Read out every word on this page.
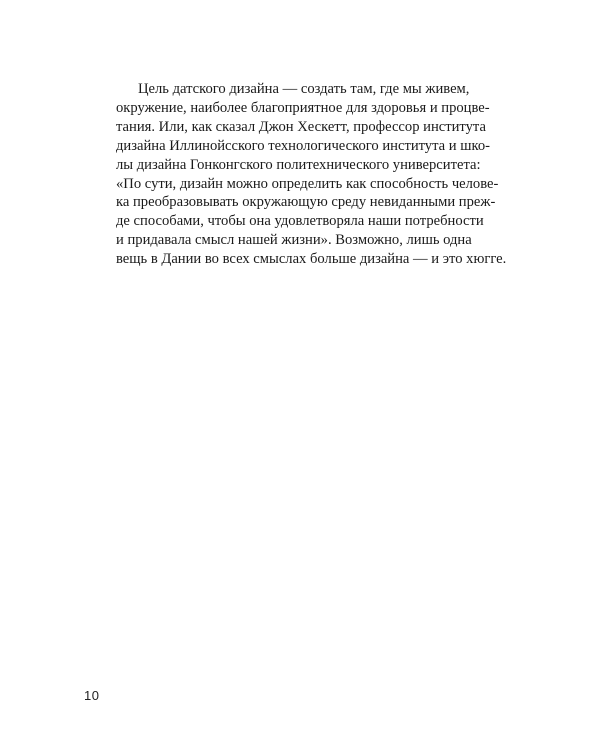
Цель датского дизайна — создать там, где мы живем,
окружение, наиболее благоприятное для здоровья и процве-
тания. Или, как сказал Джон Хескетт, профессор института
дизайна Иллинойсского технологического института и шко-
лы дизайна Гонконгского политехнического университета:
«По сути, дизайн можно определить как способность челове-
ка преобразовывать окружающую среду невиданными преж-
де способами, чтобы она удовлетворяла наши потребности
и придавала смысл нашей жизни». Возможно, лишь одна
вещь в Дании во всех смыслах больше дизайна — и это хюгге.
10
